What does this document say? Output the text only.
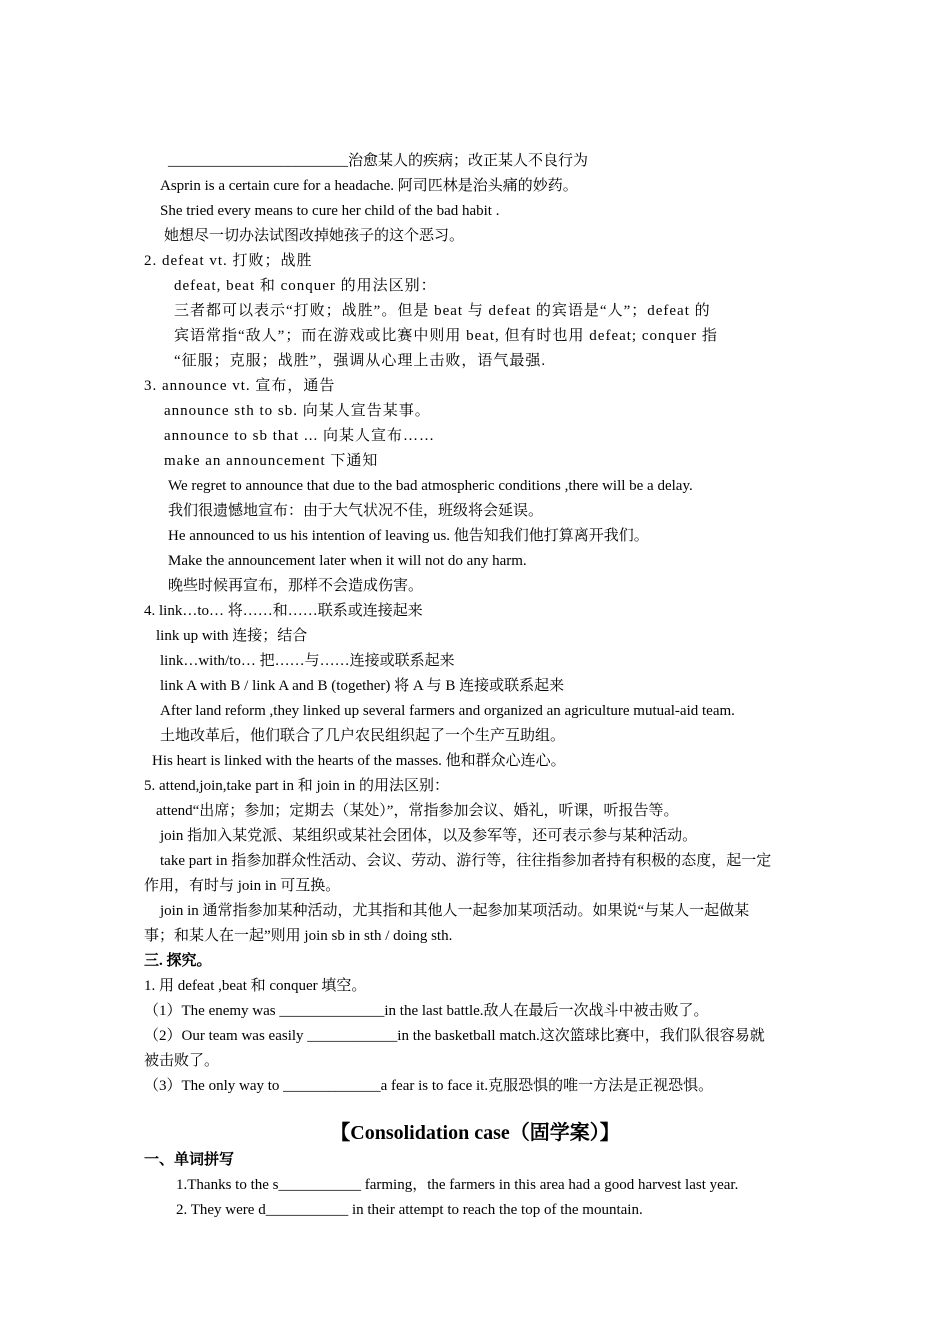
________________________治愈某人的疾病；改正某人不良行为
Asprin is a certain cure for a headache. 阿司匹林是治头痛的妙药。
She tried every means to cure her child of the bad habit .
她想尽一切办法试图改掉她孩子的这个恶习。
2. defeat vt. 打败；战胜
defeat, beat 和 conquer 的用法区别：
三者都可以表示“打败；战胜”。但是 beat 与 defeat 的宾语是“人”；defeat 的
宾语常指“敌人”；而在游戏或比赛中则用 beat, 但有时也用 defeat; conquer 指
“征服；克服；战胜”，强调从心理上击败，语气最强.
3. announce vt. 宣布，通告
announce sth to sb. 向某人宣告某事。
announce to sb that ... 向某人宣布……
make an announcement 下通知
We regret to announce that due to the bad atmospheric conditions ,there will be a delay.
我们很遗憾地宣布：由于大气状况不佳，班级将会延误。
He announced to us his intention of leaving us. 他告知我们他打算离开我们。
Make the announcement later when it will not do any harm.
晚些时候再宣布，那样不会造成伤害。
4. link…to… 将……和……联系或连接起来
link up with 连接；结合
link…with/to… 把……与……连接或联系起来
link A with B / link A and B (together) 将 A 与 B 连接或联系起来
After land reform ,they linked up several farmers and organized an agriculture mutual-aid team.
土地改革后，他们联合了几户农民组织起了一个生产互助组。
His heart is linked with the hearts of the masses. 他和群众心连心。
5. attend,join,take part in 和 join in 的用法区别：
attend“出席；参加；定期去（某处）”，常指参加会议、婚礼，听课，听报告等。
join 指加入某党派、某组织或某社会团体，以及参军等，还可表示参与某种活动。
take part in 指参加群众性活动、会议、劳动、游行等，往往指参加者持有积极的态度，起一定
作用，有时与 join in 可互换。
join in 通常指参加某种活动，尤其指和其他人一起参加某项活动。如果说“与某人一起做某
事；和某人在一起”则用 join sb in sth / doing sth.
三. 探究。
1. 用 defeat ,beat 和 conquer 填空。
（1）The enemy was ______________in the last battle.敌人在最后一次战斗中被击败了。
（2）Our team was easily ____________in the basketball match.这次篮球比赛中，我们队很容易就
被击败了。
（3）The only way to _____________a fear is to face it.克服恐惧的唯一方法是正视恐惧。
【Consolidation case（固学案）】
一、单词拼写
1.Thanks to the s___________ farming，the farmers in this area had a good harvest last year.
2. They were d___________ in their attempt to reach the top of the mountain.
